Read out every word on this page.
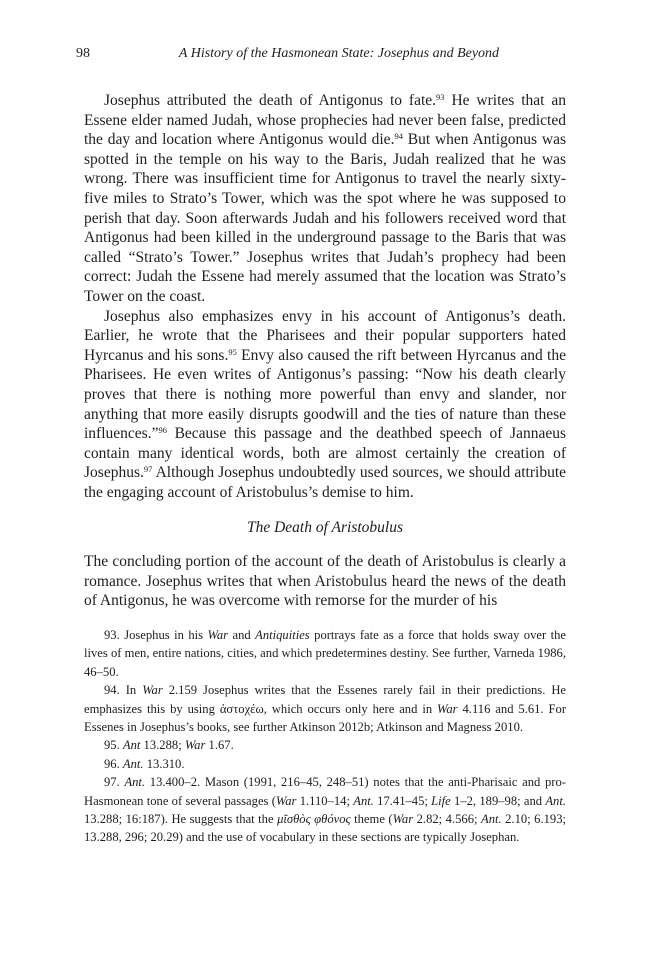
98	A History of the Hasmonean State: Josephus and Beyond

Josephus attributed the death of Antigonus to fate.$^{93}$ He writes that an Essene elder named Judah, whose prophecies had never been false, predicted the day and location where Antigonus would die.$^{94}$ But when Antigonus was spotted in the temple on his way to the Baris, Judah realized that he was wrong. There was insufficient time for Antigonus to travel the nearly sixty-five miles to Strato’s Tower, which was the spot where he was supposed to perish that day. Soon afterwards Judah and his followers received word that Antigonus had been killed in the underground passage to the Baris that was called “Strato’s Tower.” Josephus writes that Judah’s prophecy had been correct: Judah the Essene had merely assumed that the location was Strato’s Tower on the coast.

Josephus also emphasizes envy in his account of Antigonus’s death. Earlier, he wrote that the Pharisees and their popular supporters hated Hyrcanus and his sons.$^{95}$ Envy also caused the rift between Hyrcanus and the Pharisees. He even writes of Antigonus’s passing: “Now his death clearly proves that there is nothing more powerful than envy and slander, nor anything that more easily disrupts goodwill and the ties of nature than these influences.”$^{96}$ Because this passage and the deathbed speech of Jannaeus contain many identical words, both are almost certainly the creation of Josephus.$^{97}$ Although Josephus undoubtedly used sources, we should attribute the engaging account of Aristobulus’s demise to him.

The Death of Aristobulus

The concluding portion of the account of the death of Aristobulus is clearly a romance. Josephus writes that when Aristobulus heard the news of the death of Antigonus, he was overcome with remorse for the murder of his

93. Josephus in his War and Antiquities portrays fate as a force that holds sway over the lives of men, entire nations, cities, and which predetermines destiny. See further, Varneda 1986, 46–50.

94. In War 2.159 Josephus writes that the Essenes rarely fail in their predictions. He emphasizes this by using ἀστοχέω, which occurs only here and in War 4.116 and 5.61. For Essenes in Josephus’s books, see further Atkinson 2012b; Atkinson and Magness 2010.

95. Ant 13.288; War 1.67.

96. Ant. 13.310.

97. Ant. 13.400–2. Mason (1991, 216–45, 248–51) notes that the anti-Pharisaic and pro-Hasmonean tone of several passages (War 1.110–14; Ant. 17.41–45; Life 1–2, 189–98; and Ant. 13.288; 16:187). He suggests that the μῖσθὸς φθόνος theme (War 2.82; 4.566; Ant. 2.10; 6.193; 13.288, 296; 20.29) and the use of vocabulary in these sections are typically Josephan.
